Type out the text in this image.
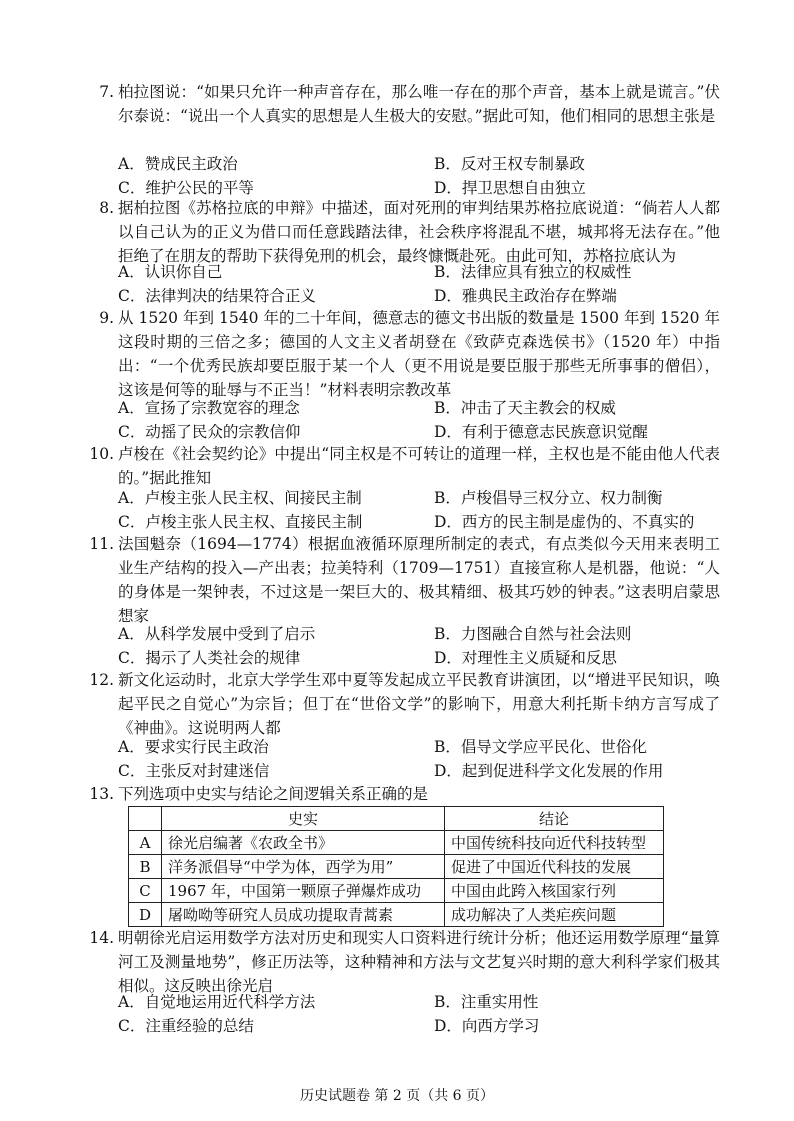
7. 柏拉图说：“如果只允许一种声音存在，那么唯一存在的那个声音，基本上就是谎言。”伏尔泰说：“说出一个人真实的思想是人生极大的安慰。”据此可知，他们相同的思想主张是
A．赞成民主政治	B．反对王权专制暴政
C．维护公民的平等	D．捍卫思想自由独立
8. 据柏拉图《苏格拉底的申辩》中描述，面对死刑的审判结果苏格拉底说道：“倘若人人都以自己认为的正义为借口而任意践踏法律，社会秩序将混乱不堪，城邦将无法存在。”他拒绝了在朋友的帮助下获得免刑的机会，最终慷慨赴死。由此可知，苏格拉底认为
A．认识你自己	B．法律应具有独立的权威性
C．法律判决的结果符合正义	D．雅典民主政治存在弊端
9. 从 1520 年到 1540 年的二十年间，德意志的德文书出版的数量是 1500 年到 1520 年这段时期的三倍之多；德国的人文主义者胡登在《致萨克森选侯书》（1520 年）中指出：“一个优秀民族却要臣服于某一个人（更不用说是要臣服于那些无所事事的僧侣），这该是何等的耻辱与不正当！”材料表明宗教改革
A．宣扬了宗教宽容的理念	B．冲击了天主教会的权威
C．动摇了民众的宗教信仰	D．有利于德意志民族意识觉醒
10. 卢梭在《社会契约论》中提出“同主权是不可转让的道理一样，主权也是不能由他人代表的。”据此推知
A．卢梭主张人民主权、间接民主制	B．卢梭倡导三权分立、权力制衡
C．卢梭主张人民主权、直接民主制	D．西方的民主制是虚伪的、不真实的
11. 法国魁奈（1694—1774）根据血液循环原理所制定的表式，有点类似今天用来表明工业生产结构的投入—产出表；拉美特利（1709—1751）直接宣称人是机器，他说：“人的身体是一架钟表，不过这是一架巨大的、极其精细、极其巧妙的钟表。”这表明启蒙思想家
A．从科学发展中受到了启示	B．力图融合自然与社会法则
C．揭示了人类社会的规律	D．对理性主义质疑和反思
12. 新文化运动时，北京大学学生邓中夏等发起成立平民教育讲演团，以“增进平民知识，唤起平民之自觉心”为宗旨；但丁在“世俗文学”的影响下，用意大利托斯卡纳方言写成了《神曲》。这说明两人都
A．要求实行民主政治	B．倡导文学应平民化、世俗化
C．主张反对封建迷信	D．起到促进科学文化发展的作用
13. 下列选项中史实与结论之间逻辑关系正确的是
	史实	结论
A	徐光启编著《农政全书》	中国传统科技向近代科技转型
B	洋务派倡导“中学为体，西学为用”	促进了中国近代科技的发展
C	1967 年，中国第一颗原子弹爆炸成功	中国由此跨入核国家行列
D	屠呦呦等研究人员成功提取青蒿素	成功解决了人类疟疾问题
14. 明朝徐光启运用数学方法对历史和现实人口资料进行统计分析；他还运用数学原理“量算河工及测量地势”，修正历法等，这种精神和方法与文艺复兴时期的意大利科学家们极其相似。这反映出徐光启
A．自觉地运用近代科学方法	B．注重实用性
C．注重经验的总结	D．向西方学习
历史试题卷 第 2 页（共 6 页）
